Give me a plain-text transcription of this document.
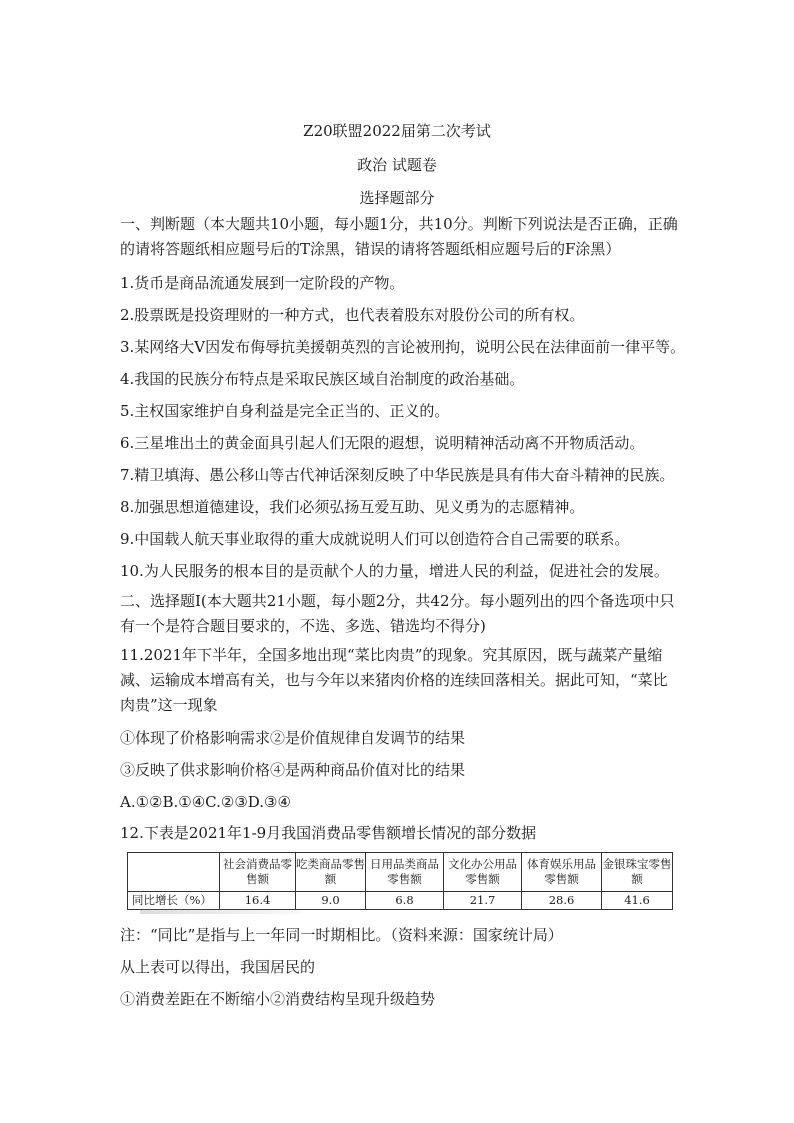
Z20联盟2022届第二次考试
政治 试题卷
选择题部分
一、判断题（本大题共10小题，每小题1分，共10分。判断下列说法是否正确，正确的请将答题纸相应题号后的T涂黑，错误的请将答题纸相应题号后的F涂黑）
1.货币是商品流通发展到一定阶段的产物。
2.股票既是投资理财的一种方式，也代表着股东对股份公司的所有权。
3.某网络大V因发布侮辱抗美援朝英烈的言论被刑拘，说明公民在法律面前一律平等。
4.我国的民族分布特点是采取民族区域自治制度的政治基础。
5.主权国家维护自身利益是完全正当的、正义的。
6.三星堆出土的黄金面具引起人们无限的遐想，说明精神活动离不开物质活动。
7.精卫填海、愚公移山等古代神话深刻反映了中华民族是具有伟大奋斗精神的民族。
8.加强思想道德建设，我们必须弘扬互爱互助、见义勇为的志愿精神。
9.中国载人航天事业取得的重大成就说明人们可以创造符合自己需要的联系。
10.为人民服务的根本目的是贡献个人的力量，增进人民的利益，促进社会的发展。
二、选择题Ⅰ(本大题共21小题，每小题2分，共42分。每小题列出的四个备选项中只有一个是符合题目要求的，不选、多选、错选均不得分)
11.2021年下半年，全国多地出现“菜比肉贵”的现象。究其原因，既与蔬菜产量缩减、运输成本增高有关，也与今年以来猪肉价格的连续回落相关。据此可知，“菜比肉贵”这一现象
①体现了价格影响需求②是价值规律自发调节的结果
③反映了供求影响价格④是两种商品价值对比的结果
A.①②B.①④C.②③D.③④
12.下表是2021年1-9月我国消费品零售额增长情况的部分数据
	社会消费品零售额	吃类商品零售额	日用品类商品零售额	文化办公用品零售额	体育娱乐用品零售额	金银珠宝零售额
同比增长（%）	16.4	9.0	6.8	21.7	28.6	41.6
注：“同比”是指与上一年同一时期相比。（资料来源：国家统计局）
从上表可以得出，我国居民的
①消费差距在不断缩小②消费结构呈现升级趋势
